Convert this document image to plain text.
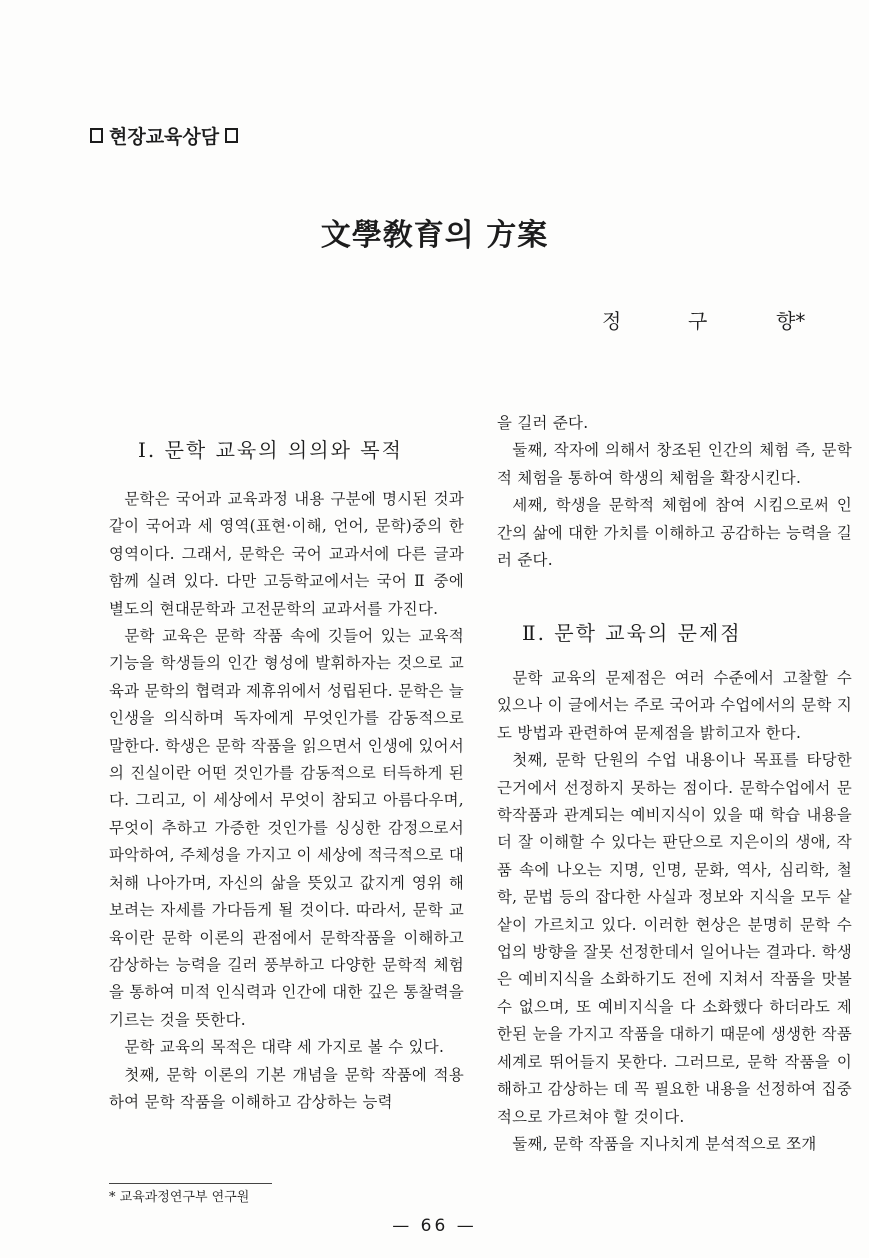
현장교육상담
文學敎育의 方案
정	구	향*
Ⅰ. 문학 교육의 의의와 목적

문학은 국어과 교육과정 내용 구분에 명시된 것과 같이 국어과 세 영역(표현·이해, 언어, 문학)중의 한 영역이다. 그래서, 문학은 국어 교과서에 다른 글과 함께 실려 있다. 다만 고등학교에서는 국어 Ⅱ 중에 별도의 현대문학과 고전문학의 교과서를 가진다.

문학 교육은 문학 작품 속에 깃들어 있는 교육적 기능을 학생들의 인간 형성에 발휘하자는 것으로 교육과 문학의 협력과 제휴위에서 성립된다. 문학은 늘 인생을 의식하며 독자에게 무엇인가를 감동적으로 말한다. 학생은 문학 작품을 읽으면서 인생에 있어서의 진실이란 어떤 것인가를 감동적으로 터득하게 된다. 그리고, 이 세상에서 무엇이 참되고 아름다우며, 무엇이 추하고 가증한 것인가를 싱싱한 감정으로서 파악하여, 주체성을 가지고 이 세상에 적극적으로 대처해 나아가며, 자신의 삶을 뜻있고 값지게 영위 해 보려는 자세를 가다듬게 될 것이다. 따라서, 문학 교육이란 문학 이론의 관점에서 문학작품을 이해하고 감상하는 능력을 길러 풍부하고 다양한 문학적 체험을 통하여 미적 인식력과 인간에 대한 깊은 통찰력을 기르는 것을 뜻한다.

문학 교육의 목적은 대략 세 가지로 볼 수 있다.

첫째, 문학 이론의 기본 개념을 문학 작품에 적용하여 문학 작품을 이해하고 감상하는 능력

을 길러 준다.

둘째, 작자에 의해서 창조된 인간의 체험 즉, 문학적 체험을 통하여 학생의 체험을 확장시킨다.

세째, 학생을 문학적 체험에 참여 시킴으로써 인간의 삶에 대한 가치를 이해하고 공감하는 능력을 길러 준다.

Ⅱ. 문학 교육의 문제점

문학 교육의 문제점은 여러 수준에서 고찰할 수 있으나 이 글에서는 주로 국어과 수업에서의 문학 지도 방법과 관련하여 문제점을 밝히고자 한다.

첫째, 문학 단원의 수업 내용이나 목표를 타당한 근거에서 선정하지 못하는 점이다. 문학수업에서 문학작품과 관계되는 예비지식이 있을 때 학습 내용을 더 잘 이해할 수 있다는 판단으로 지은이의 생애, 작품 속에 나오는 지명, 인명, 문화, 역사, 심리학, 철학, 문법 등의 잡다한 사실과 정보와 지식을 모두 샅샅이 가르치고 있다. 이러한 현상은 분명히 문학 수업의 방향을 잘못 선정한데서 일어나는 결과다. 학생은 예비지식을 소화하기도 전에 지쳐서 작품을 맛볼 수 없으며, 또 예비지식을 다 소화했다 하더라도 제한된 눈을 가지고 작품을 대하기 때문에 생생한 작품 세계로 뛰어들지 못한다. 그러므로, 문학 작품을 이해하고 감상하는 데 꼭 필요한 내용을 선정하여 집중적으로 가르쳐야 할 것이다.

둘째, 문학 작품을 지나치게 분석적으로 쪼개

* 교육과정연구부 연구원
— 66 —
